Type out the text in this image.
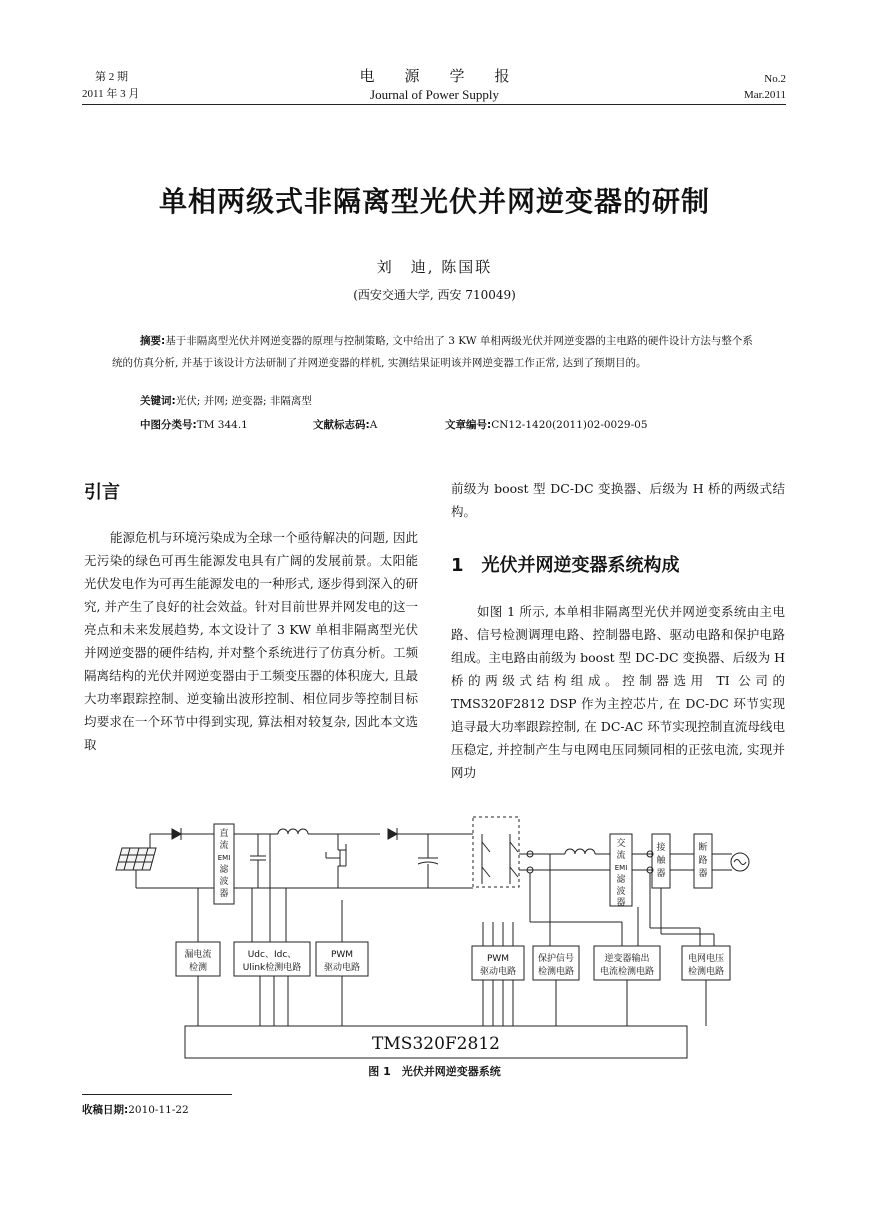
第 2 期
2011 年 3 月
电　　源　　学　　报
Journal of Power Supply
No.2
Mar.2011
单相两级式非隔离型光伏并网逆变器的研制
刘　迪, 陈国联
(西安交通大学, 西安 710049)
摘要:基于非隔离型光伏并网逆变器的原理与控制策略, 文中给出了 3 KW 单相两级光伏并网逆变器的主电路的硬件设计方法与整个系统的仿真分析, 并基于该设计方法研制了并网逆变器的样机, 实测结果证明该并网逆变器工作正常, 达到了预期目的。
关键词:光伏; 并网; 逆变器; 非隔离型
中图分类号:TM 344.1	文献标志码:A	文章编号:CN12-1420(2011)02-0029-05
引言
能源危机与环境污染成为全球一个亟待解决的问题, 因此无污染的绿色可再生能源发电具有广阔的发展前景。太阳能光伏发电作为可再生能源发电的一种形式, 逐步得到深入的研究, 并产生了良好的社会效益。针对目前世界并网发电的这一亮点和未来发展趋势, 本文设计了 3 KW 单相非隔离型光伏并网逆变器的硬件结构, 并对整个系统进行了仿真分析。工频隔离结构的光伏并网逆变器由于工频变压器的体积庞大, 且最大功率跟踪控制、逆变输出波形控制、相位同步等控制目标均要求在一个环节中得到实现, 算法相对较复杂, 因此本文选取
前级为 boost 型 DC-DC 变换器、后级为 H 桥的两级式结构。
1　光伏并网逆变器系统构成
如图 1 所示, 本单相非隔离型光伏并网逆变系统由主电路、信号检测调理电路、控制器电路、驱动电路和保护电路组成。主电路由前级为 boost 型 DC-DC 变换器、后级为 H 桥的两级式结构组成。控制器选用 TI 公司的 TMS320F2812 DSP 作为主控芯片, 在 DC-DC 环节实现追寻最大功率跟踪控制, 在 DC-AC 环节实现控制直流母线电压稳定, 并控制产生与电网电压同频同相的正弦电流, 实现并网功
直
流
EMI
滤
波
器
交
流
EMI
滤
波
器
接
触
器
断
路
器
漏电流
检测
Udc、Idc、
Ulink检测电路
PWM
驱动电路
PWM
驱动电路
保护信号
检测电路
逆变器输出
电流检测电路
电网电压
检测电路
TMS320F2812
图 1　光伏并网逆变器系统
收稿日期:2010-11-22
